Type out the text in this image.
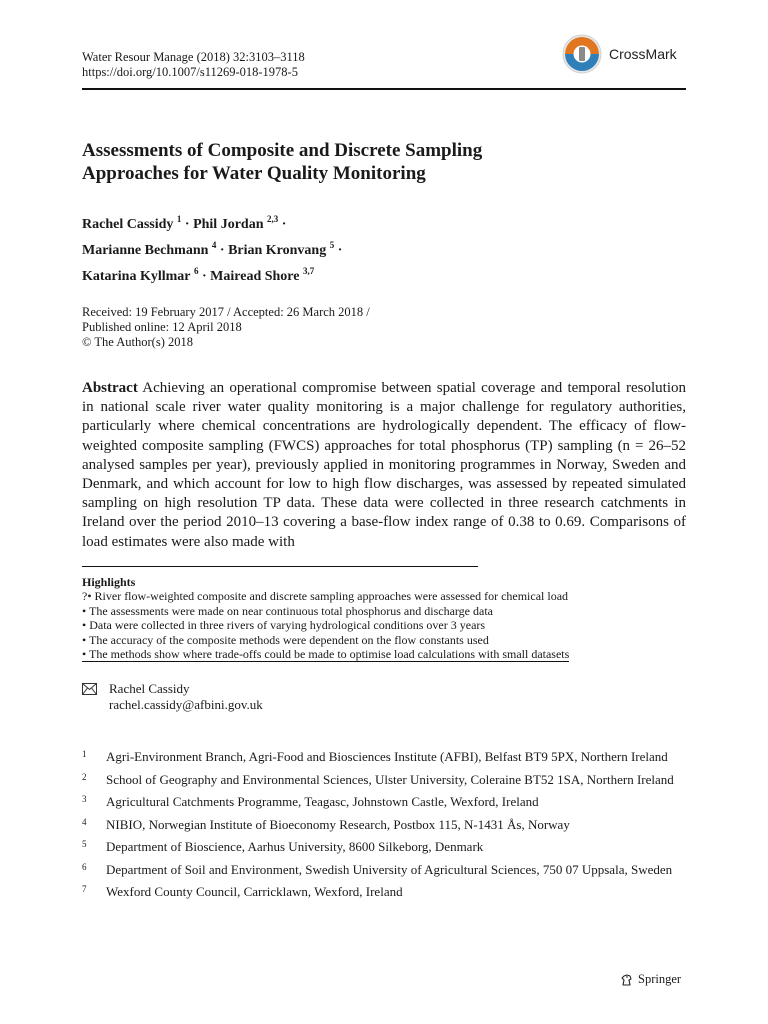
Water Resour Manage (2018) 32:3103–3118
https://doi.org/10.1007/s11269-018-1978-5
CrossMark
Assessments of Composite and Discrete Sampling
Approaches for Water Quality Monitoring
Rachel Cassidy $^1$ · Phil Jordan $^{2,3}$ ·
Marianne Bechmann $^4$ · Brian Kronvang $^5$ ·
Katarina Kyllmar $^6$ · Mairead Shore $^{3,7}$
Received: 19 February 2017 / Accepted: 26 March 2018 /
Published online: 12 April 2018
© The Author(s) 2018
Abstract Achieving an operational compromise between spatial coverage and temporal resolution in national scale river water quality monitoring is a major challenge for regulatory authorities, particularly where chemical concentrations are hydrologically dependent. The efficacy of flow-weighted composite sampling (FWCS) approaches for total phosphorus (TP) sampling (n = 26–52 analysed samples per year), previously applied in monitoring programmes in Norway, Sweden and Denmark, and which account for low to high flow discharges, was assessed by repeated simulated sampling on high resolution TP data. These data were collected in three research catchments in Ireland over the period 2010–13 covering a base-flow index range of 0.38 to 0.69. Comparisons of load estimates were also made with
Highlights
?• River flow-weighted composite and discrete sampling approaches were assessed for chemical load
• The assessments were made on near continuous total phosphorus and discharge data
• Data were collected in three rivers of varying hydrological conditions over 3 years
• The accuracy of the composite methods were dependent on the flow constants used
• The methods show where trade-offs could be made to optimise load calculations with small datasets
Rachel Cassidy
rachel.cassidy@afbini.gov.uk
1 Agri-Environment Branch, Agri-Food and Biosciences Institute (AFBI), Belfast BT9 5PX, Northern Ireland
2 School of Geography and Environmental Sciences, Ulster University, Coleraine BT52 1SA, Northern Ireland
3 Agricultural Catchments Programme, Teagasc, Johnstown Castle, Wexford, Ireland
4 NIBIO, Norwegian Institute of Bioeconomy Research, Postbox 115, N-1431 Ås, Norway
5 Department of Bioscience, Aarhus University, 8600 Silkeborg, Denmark
6 Department of Soil and Environment, Swedish University of Agricultural Sciences, 750 07 Uppsala, Sweden
7 Wexford County Council, Carricklawn, Wexford, Ireland
Springer
